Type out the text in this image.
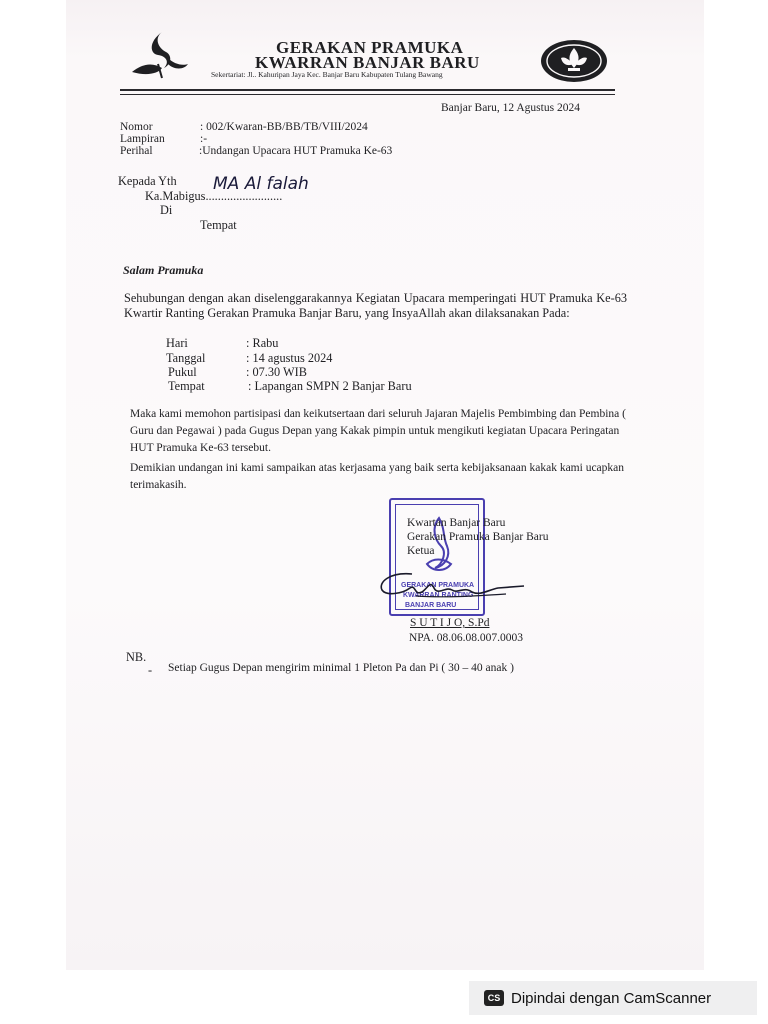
GERAKAN PRAMUKA
KWARRAN BANJAR BARU
Sekertariat: Jl.. Kahuripan Jaya Kec. Banjar Baru Kabupaten Tulang Bawang
Banjar Baru, 12 Agustus 2024
Nomor	: 002/Kwaran-BB/BB/TB/VIII/2024
Lampiran	:-
Perihal	:Undangan Upacara HUT Pramuka Ke-63
Kepada Yth
Ka.Mabigus.........................
MA Al falah
Di
Tempat
Salam Pramuka
Sehubungan dengan akan diselenggarakannya Kegiatan Upacara memperingati HUT Pramuka Ke-63 Kwartir Ranting Gerakan Pramuka Banjar Baru, yang InsyaAllah akan dilaksanakan Pada:
Hari	: Rabu
Tanggal	: 14 agustus 2024
Pukul	: 07.30 WIB
Tempat	: Lapangan SMPN 2 Banjar Baru
Maka kami memohon partisipasi dan keikutsertaan dari seluruh Jajaran Majelis Pembimbing dan Pembina ( Guru dan Pegawai ) pada Gugus Depan yang Kakak pimpin untuk mengikuti kegiatan Upacara Peringatan HUT Pramuka Ke-63 tersebut.
Demikian undangan ini kami sampaikan atas kerjasama yang baik serta kebijaksanaan kakak kami ucapkan terimakasih.
GERAKAN PRAMUKA
KWARRAN RANTING
BANJAR BARU
Kwartan Banjar Baru
Gerakan Pramuka Banjar Baru
Ketua
S U T I J O, S.Pd
NPA. 08.06.08.007.0003
NB.
- Setiap Gugus Depan mengirim minimal 1 Pleton Pa dan Pi ( 30 – 40 anak )
CS Dipindai dengan CamScanner
